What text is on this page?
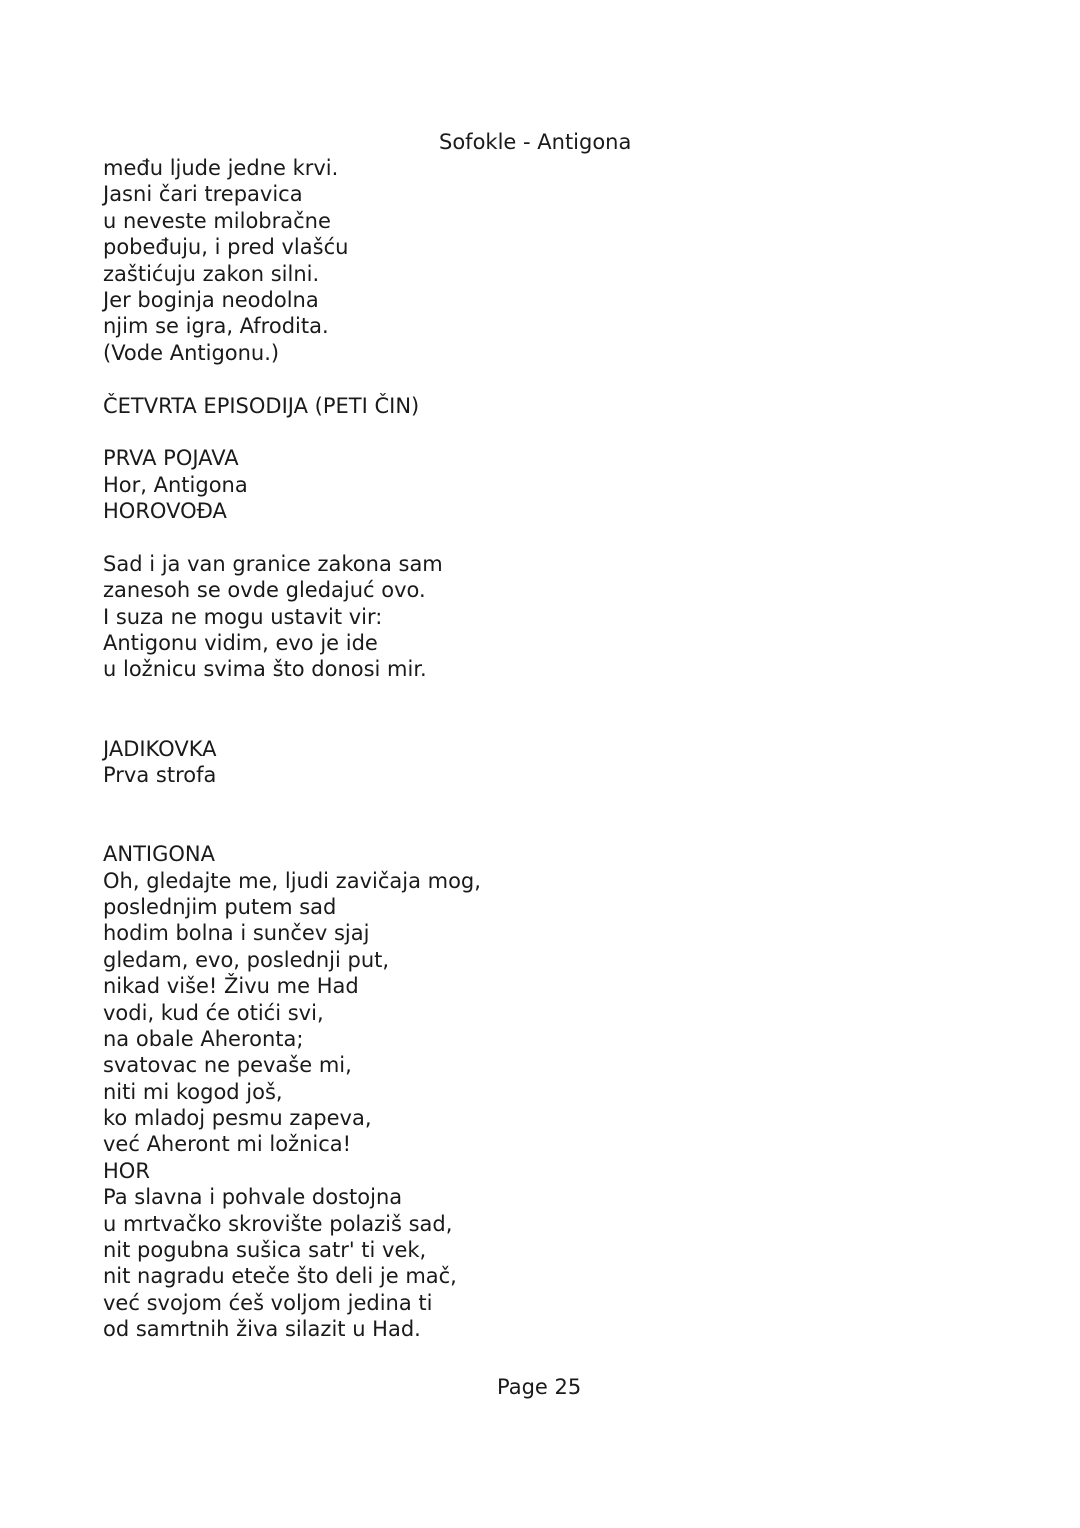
Sofokle - Antigona
među ljude jedne krvi.
Jasni čari trepavica
u neveste milobračne
pobeđuju, i pred vlašću
zaštićuju zakon silni.
Jer boginja neodolna
njim se igra, Afrodita.
(Vode Antigonu.)
ČETVRTA EPISODIJA (PETI ČIN)
PRVA POJAVA
Hor, Antigona
HOROVOĐA
Sad i ja van granice zakona sam
zanesoh se ovde gledajuć ovo.
I suza ne mogu ustavit vir:
Antigonu vidim, evo je ide
u ložnicu svima što donosi mir.
JADIKOVKA
Prva strofa
ANTIGONA
Oh, gledajte me, ljudi zavičaja mog,
poslednjim putem sad
hodim bolna i sunčev sjaj
gledam, evo, poslednji put,
nikad više! Živu me Had
vodi, kud će otići svi,
na obale Aheronta;
svatovac ne pevaše mi,
niti mi kogod još,
ko mladoj pesmu zapeva,
već Aheront mi ložnica!
HOR
Pa slavna i pohvale dostojna
u mrtvačko skrovište polaziš sad,
nit pogubna sušica satr' ti vek,
nit nagradu eteče što deli je mač,
već svojom ćeš voljom jedina ti
od samrtnih živa silazit u Had.
Page 25
